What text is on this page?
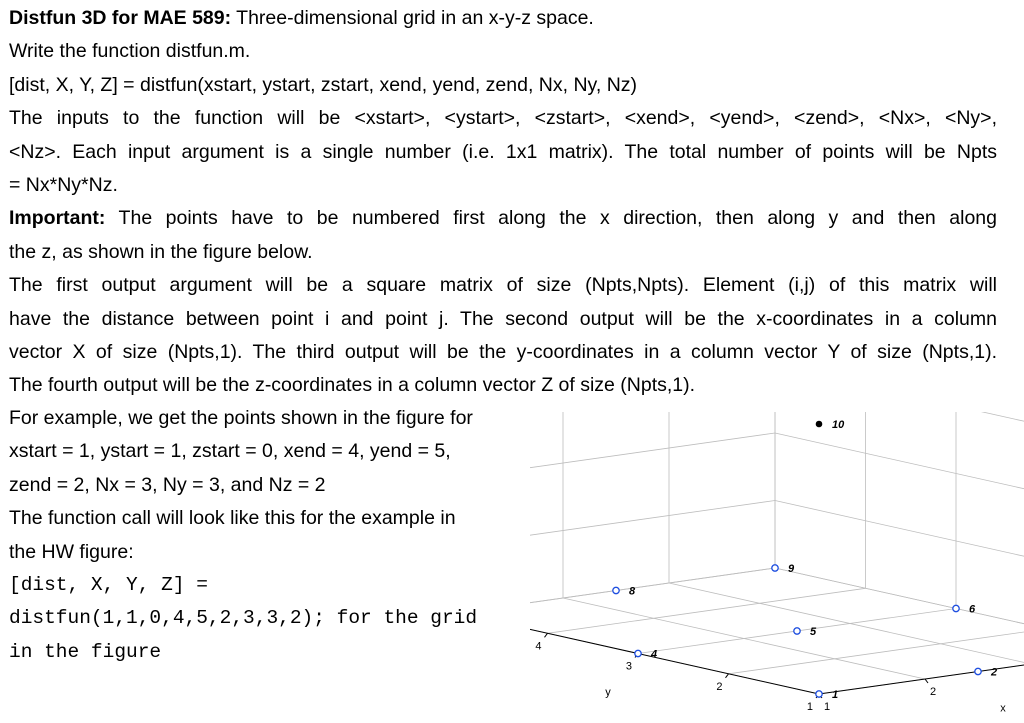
Distfun 3D for MAE 589: Three-dimensional grid in an x-y-z space.
Write the function distfun.m.
[dist, X, Y, Z] = distfun(xstart, ystart, zstart, xend, yend, zend, Nx, Ny, Nz)
The inputs to the function will be <xstart>, <ystart>, <zstart>, <xend>, <yend>, <zend>, <Nx>, <Ny>,
<Nz>. Each input argument is a single number (i.e. 1x1 matrix). The total number of points will be Npts
= Nx*Ny*Nz.
Important: The points have to be numbered first along the x direction, then along y and then along
the z, as shown in the figure below.
The first output argument will be a square matrix of size (Npts,Npts). Element (i,j) of this matrix will
have the distance between point i and point j. The second output will be the x-coordinates in a column
vector X of size (Npts,1). The third output will be the y-coordinates in a column vector Y of size (Npts,1).
The fourth output will be the z-coordinates in a column vector Z of size (Npts,1).
For example, we get the points shown in the figure for
xstart = 1, ystart = 1, zstart = 0, xend = 4, yend = 5,
zend = 2, Nx = 3, Ny = 3, and Nz = 2
The function call will look like this for the example in
the HW figure:
[dist, X, Y, Z] =
distfun(1,1,0,4,5,2,3,3,2); for the grid
in the figure	4
3
2
1 1
2
y
x
1
2
4
5
6
8
9
10
